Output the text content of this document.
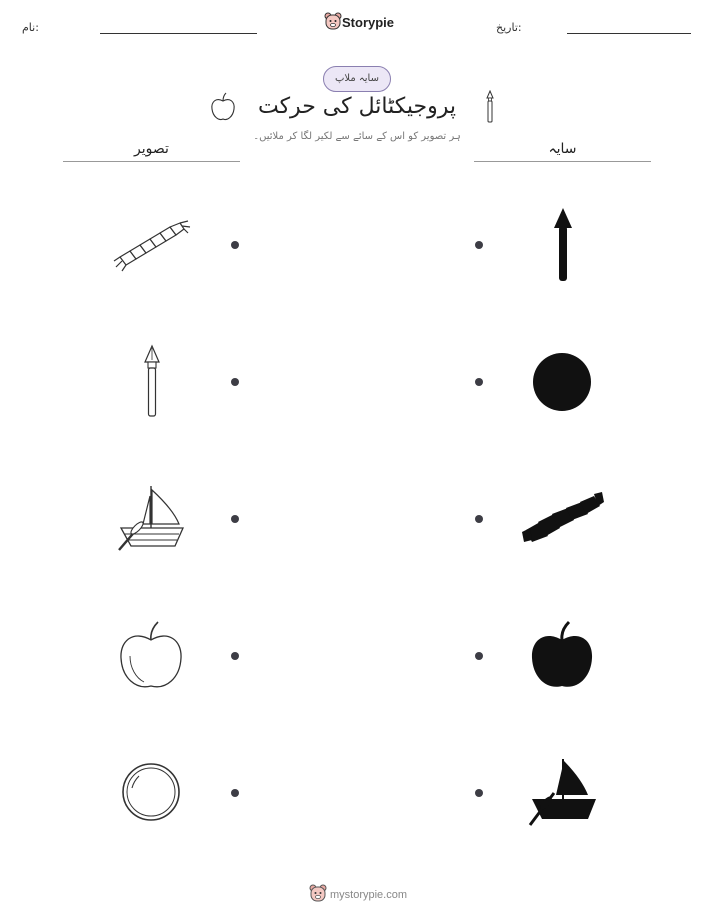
نام:	Storypie	تاریخ:
سایہ ملاپ
پروجیکٹائل کی حرکت
ہر تصویر کو اس کے سائے سے لکیر لگا کر ملائیں۔
تصویر	سایہ
mystorypie.com
